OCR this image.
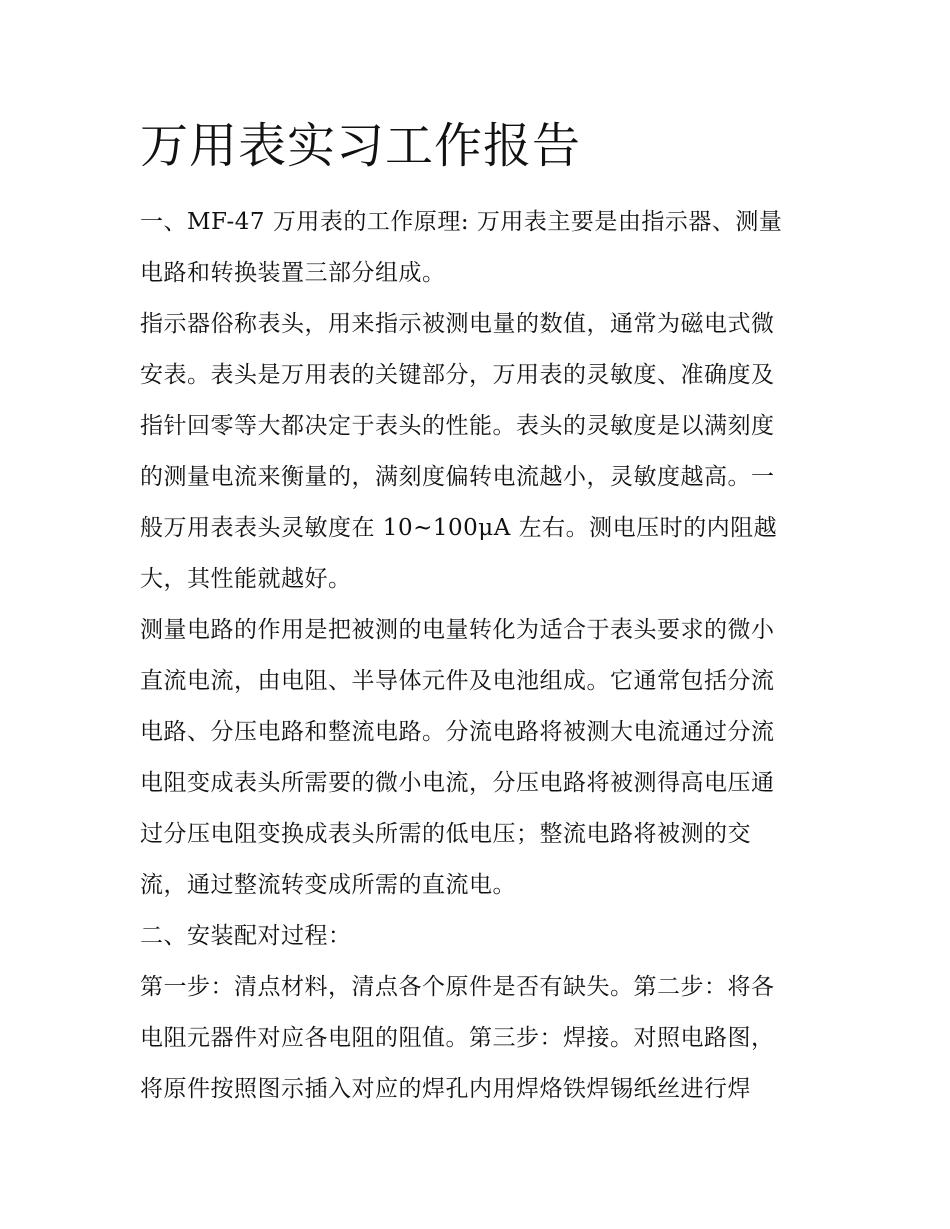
万用表实习工作报告
一、MF-47 万用表的工作原理: 万用表主要是由指示器、测量
电路和转换装置三部分组成。
指示器俗称表头，用来指示被测电量的数值，通常为磁电式微
安表。表头是万用表的关键部分，万用表的灵敏度、准确度及
指针回零等大都决定于表头的性能。表头的灵敏度是以满刻度
的测量电流来衡量的，满刻度偏转电流越小，灵敏度越高。一
般万用表表头灵敏度在 10~100μA 左右。测电压时的内阻越
大，其性能就越好。
测量电路的作用是把被测的电量转化为适合于表头要求的微小
直流电流，由电阻、半导体元件及电池组成。它通常包括分流
电路、分压电路和整流电路。分流电路将被测大电流通过分流
电阻变成表头所需要的微小电流，分压电路将被测得高电压通
过分压电阻变换成表头所需的低电压；整流电路将被测的交
流，通过整流转变成所需的直流电。
二、安装配对过程：
第一步：清点材料，清点各个原件是否有缺失。第二步：将各
电阻元器件对应各电阻的阻值。第三步：焊接。对照电路图，
将原件按照图示插入对应的焊孔内用焊烙铁焊锡纸丝进行焊
